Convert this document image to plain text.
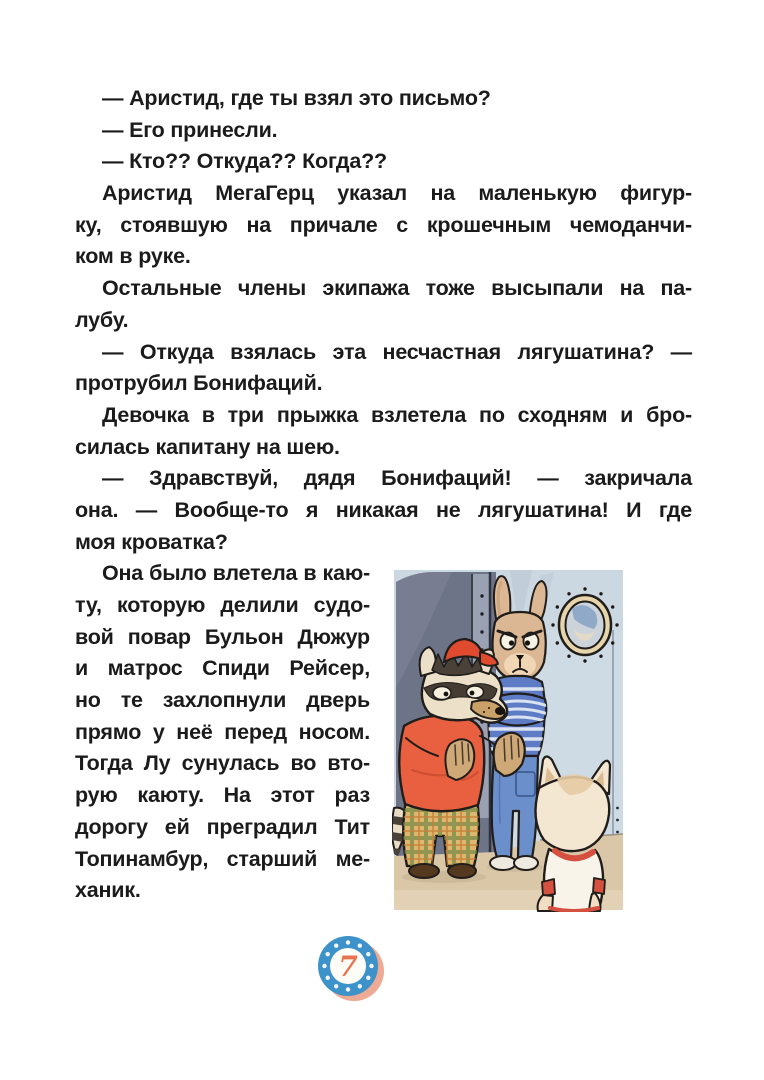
— Аристид, где ты взял это письмо?
— Его принесли.
— Кто?? Откуда?? Когда??
Аристид МегаГерц указал на маленькую фигур-
ку, стоявшую на причале с крошечным чемоданчи-
ком в руке.
Остальные члены экипажа тоже высыпали на па-
лубу.
— Откуда взялась эта несчастная лягушатина? —
протрубил Бонифаций.
Девочка в три прыжка взлетела по сходням и бро-
силась капитану на шею.
— Здравствуй, дядя Бонифаций! — закричала
она. — Вообще-то я никакая не лягушатина! И где
моя кроватка?
Она было влетела в каю-
ту, которую делили судо-
вой повар Бульон Дюжур
и матрос Спиди Рейсер,
но те захлопнули дверь
прямо у неё перед носом.
Тогда Лу сунулась во вто-
рую каюту. На этот раз
дорогу ей преградил Тит
Топинамбур, старший ме-
ханик.
7
